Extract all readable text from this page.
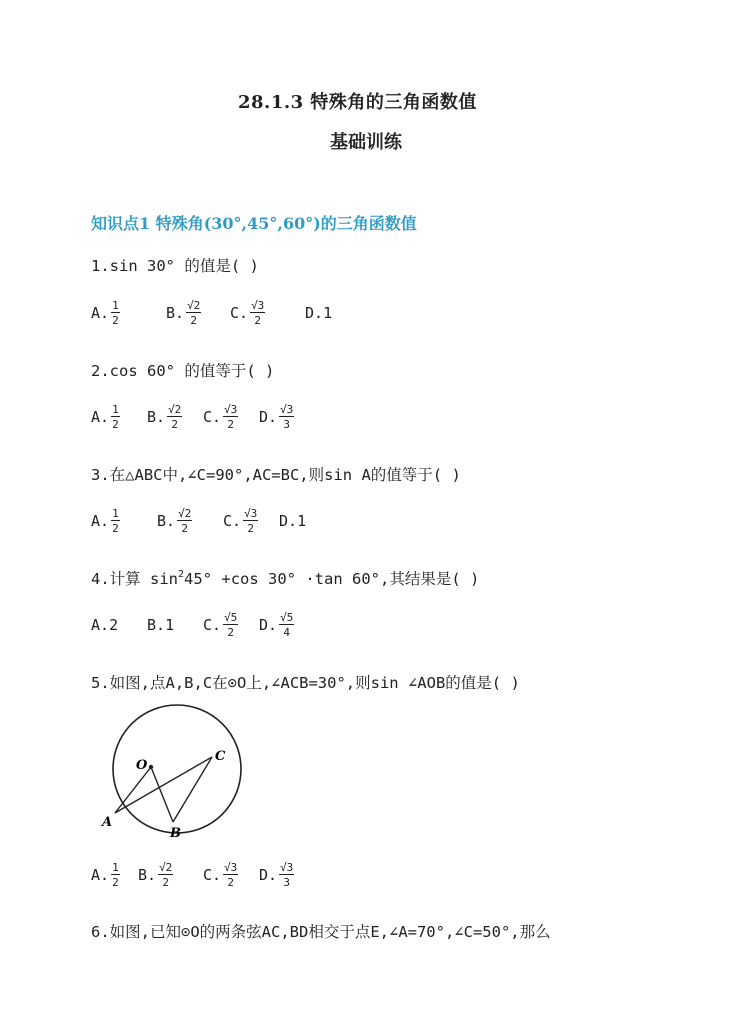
28.1.3 特殊角的三角函数值
基础训练
知识点1 特殊角(30°,45°,60°)的三角函数值
1.sin 30° 的值是( )
A. $\frac{1}{2}$	B. $\frac{√2}{2} C$. $\frac{√3}{2}$	D. 1
2.cos 60° 的值等于( )
A. $\frac{1}{2} B$. $\frac{√2}{2} C$. $\frac{√3}{2} D$. $\frac{√3}{3}$
3.在△ABC中,∠C=90°,AC=BC,则sin A的值等于( )
A. $\frac{1}{2} B$. $\frac{√2}{2} C$. $\frac{√3}{2} D$. 1
4.计算 $\sin^245^\circ +\cos$ 30° ·tan 60°,其结果是( )
A. 2 B. 1 C. $\frac{√5}{2} D$. $\frac{√5}{4}$
5.如图,点A,B,C在⊙O上,∠ACB=30°,则sin ∠AOB的值是( )
O
A
B
C
A. $\frac{1}{2} B$. $\frac{√2}{2} C$. $\frac{√3}{2} D$. $\frac{√3}{3}$
6.如图,已知⊙O的两条弦AC,BD相交于点E,∠A=70°,∠C=50°,那么
